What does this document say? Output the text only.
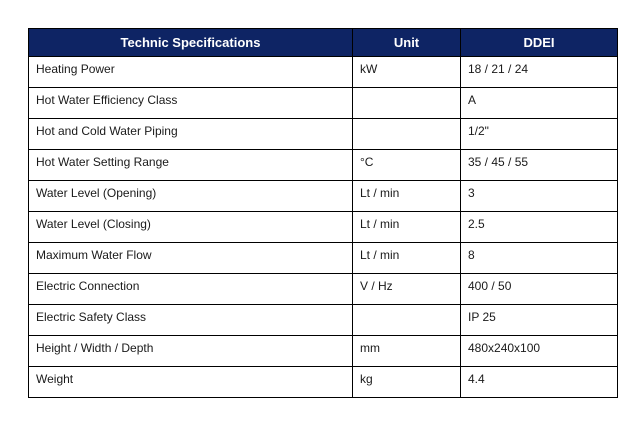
Technic Specifications	Unit	DDEI
Heating Power	kW	18 / 21 / 24
Hot Water Efficiency Class		A
Hot and Cold Water Piping		1/2"
Hot Water Setting Range	°C	35 / 45 / 55
Water Level (Opening)	Lt / min	3
Water Level (Closing)	Lt / min	2.5
Maximum Water Flow	Lt / min	8
Electric Connection	V / Hz	400 / 50
Electric Safety Class		IP 25
Height / Width / Depth	mm	480x240x100
Weight	kg	4.4
